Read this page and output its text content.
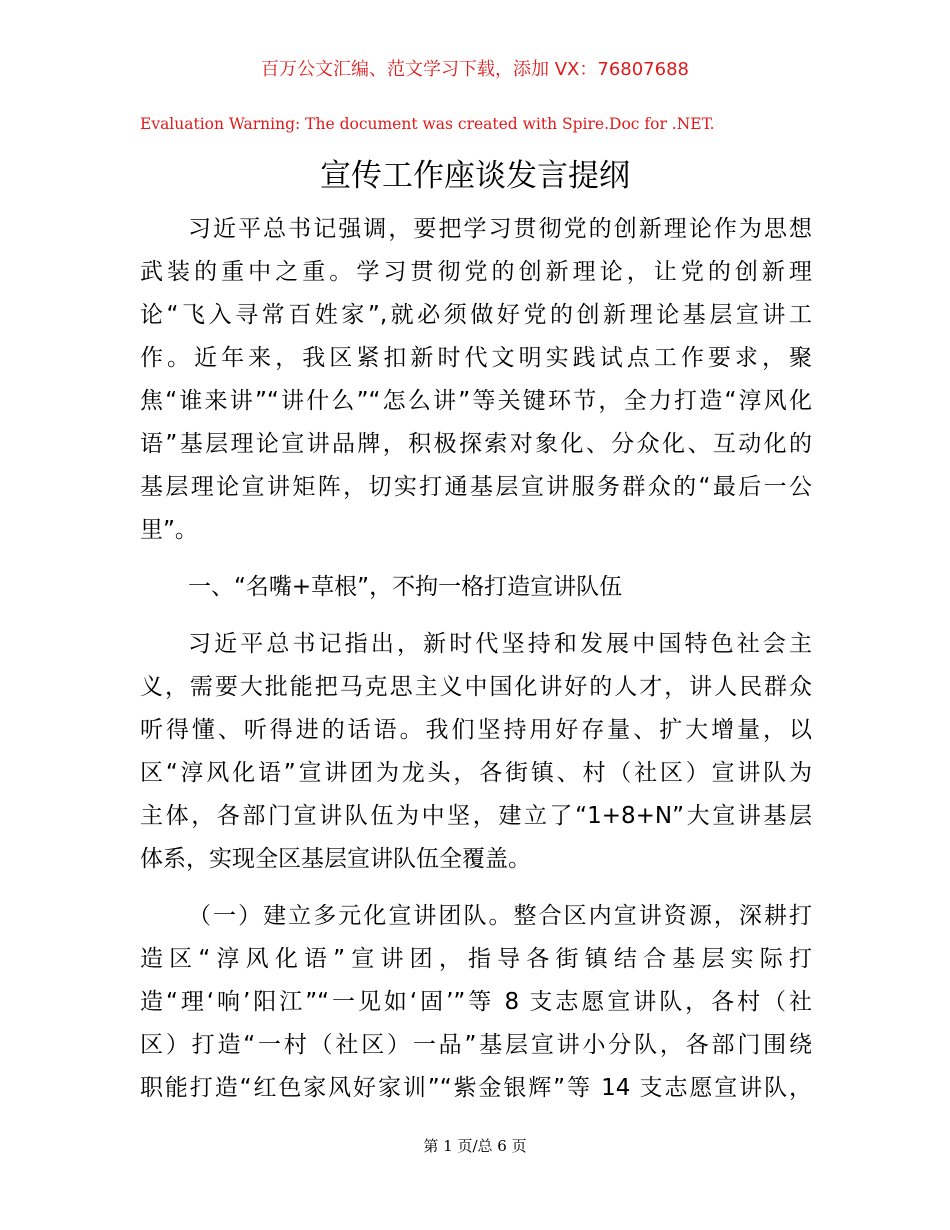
百万公文汇编、范文学习下载，添加 VX：76807688
Evaluation Warning: The document was created with Spire.Doc for .NET.
宣传工作座谈发言提纲
习近平总书记强调，要把学习贯彻党的创新理论作为思想
武装的重中之重。学习贯彻党的创新理论，让党的创新理
论“飞入寻常百姓家”,就必须做好党的创新理论基层宣讲工
作。近年来，我区紧扣新时代文明实践试点工作要求，聚
焦“谁来讲”“讲什么”“怎么讲”等关键环节，全力打造“淳风化
语”基层理论宣讲品牌，积极探索对象化、分众化、互动化的
基层理论宣讲矩阵，切实打通基层宣讲服务群众的“最后一公
里”。
一、“名嘴+草根”，不拘一格打造宣讲队伍
习近平总书记指出，新时代坚持和发展中国特色社会主
义，需要大批能把马克思主义中国化讲好的人才，讲人民群众
听得懂、听得进的话语。我们坚持用好存量、扩大增量，以
区“淳风化语”宣讲团为龙头，各街镇、村（社区）宣讲队为
主体，各部门宣讲队伍为中坚，建立了“1+8+N”大宣讲基层
体系，实现全区基层宣讲队伍全覆盖。
（一）建立多元化宣讲团队。整合区内宣讲资源，深耕打
造区“淳风化语”宣讲团，指导各街镇结合基层实际打
造“理‘响’阳江”“一见如‘固’”等 8 支志愿宣讲队，各村（社
区）打造“一村（社区）一品”基层宣讲小分队，各部门围绕
职能打造“红色家风好家训”“紫金银辉”等 14 支志愿宣讲队，
第 1 页/总 6 页
